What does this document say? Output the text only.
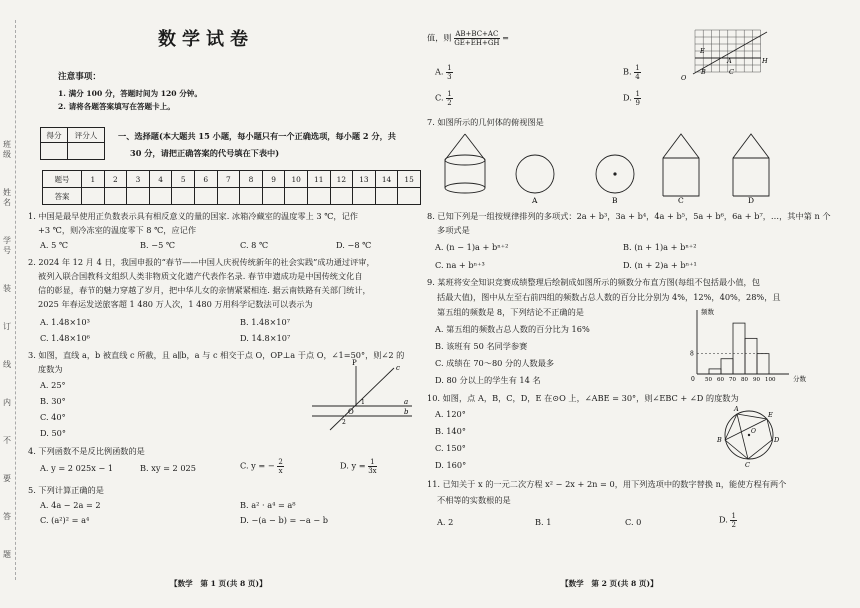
班级
姓名
学号
装
订
线
内
不
要
答
题
数学试卷
注意事项：
1. 满分 100 分，答题时间为 120 分钟。
2. 请将各题答案填写在答题卡上。
得分	评分人
		一、选择题(本大题共 15 小题，每小题只有一个正确选项，每小题 2 分，共
30 分，请把正确答案的代号填在下表中)
题号	1	2	3	4	5	6	7	8	9	10	11	12	13	14	15
答案															
1. 中国是最早使用正负数表示具有相反意义的量的国家. 冰箱冷藏室的温度零上 3 ℃，记作
+3 ℃，则冷冻室的温度零下 8 ℃，应记作
A. 5 ℃	B. −5 ℃	C. 8 ℃	D. −8 ℃
2. 2024 年 12 月 4 日，我国申报的“春节——中国人庆祝传统新年的社会实践”成功通过评审，
被列入联合国教科文组织人类非物质文化遗产代表作名录. 春节申遗成功是中国传统文化自
信的彰显，春节的魅力穿越了岁月，把中华儿女的亲情紧紧相连. 据云南铁路有关部门统计，
2025 年春运发送旅客超 1 480 万人次，1 480 万用科学记数法可以表示为
A. 1.48×10³	B. 1.48×10⁷
C. 1.48×10⁶	D. 14.8×10⁷
3. 如图，直线 a，b 被直线 c 所截，且 a∥b，a 与 c 相交于点 O，OP⊥a 于点 O，∠1=50°，则∠2 的
度数为
A. 25°
B. 30°
C. 40°
D. 50°
P
c
a
b
O
1
2
4. 下列函数不是反比例函数的是
A. y = 2 025x − 1	B. xy = 2 025	C. y = − $\frac{2}{x}$	D. $y = \frac{1}{3x}$
5. 下列计算正确的是
A. 4a − 2a = 2	B. a² · a⁴ = a⁸
C. (a²)² = a⁴	D. −(a − b) = −a − b
【数学　第 1 页(共 8 页)】
值，则 $\frac{AB+BC+AC}{GE+EH+GH}$ =
A. $\frac{1}{3}$	B. $\frac{1}{4}$
C. $\frac{1}{2}$	D. $\frac{1}{9}$
E
A	H
B	C
O
7. 如图所示的几何体的俯视图是
A	B	C	D
8. 已知下列是一组按规律排列的多项式：2a + b³，3a + b⁴，4a + b⁵，5a + b⁶，6a + b⁷，…，其中第 n 个
多项式是
A. (n − 1)a + bⁿ⁺²	B. (n + 1)a + bⁿ⁺²
C. na + bⁿ⁺³	D. (n + 2)a + bⁿ⁺¹
9. 某班将安全知识竞赛成绩整理后绘制成如图所示的频数分布直方图(每组不包括最小值，包
括最大值)，图中从左至右前四组的频数占总人数的百分比分别为 4%，12%，40%，28%，且
第五组的频数是 8，下列结论不正确的是
A. 第五组的频数占总人数的百分比为 16%
B. 该班有 50 名同学参赛
C. 成绩在 70～80 分的人数最多
D. 80 分以上的学生有 14 名
频数
8
0 50 60 70 80 90 100	分数
10. 如图，点 A，B，C，D，E 在⊙O 上，∠ABE = 30°，则∠EBC + ∠D 的度数为
A. 120°
B. 140°
C. 150°
D. 160°
A
E
B
O
D
C
11. 已知关于 x 的一元二次方程 x² − 2x + 2n = 0，用下列选项中的数字替换 n，能使方程有两个
不相等的实数根的是
A. 2	B. 1	C. 0	D. $\frac{1}{2}$
【数学　第 2 页(共 8 页)】
